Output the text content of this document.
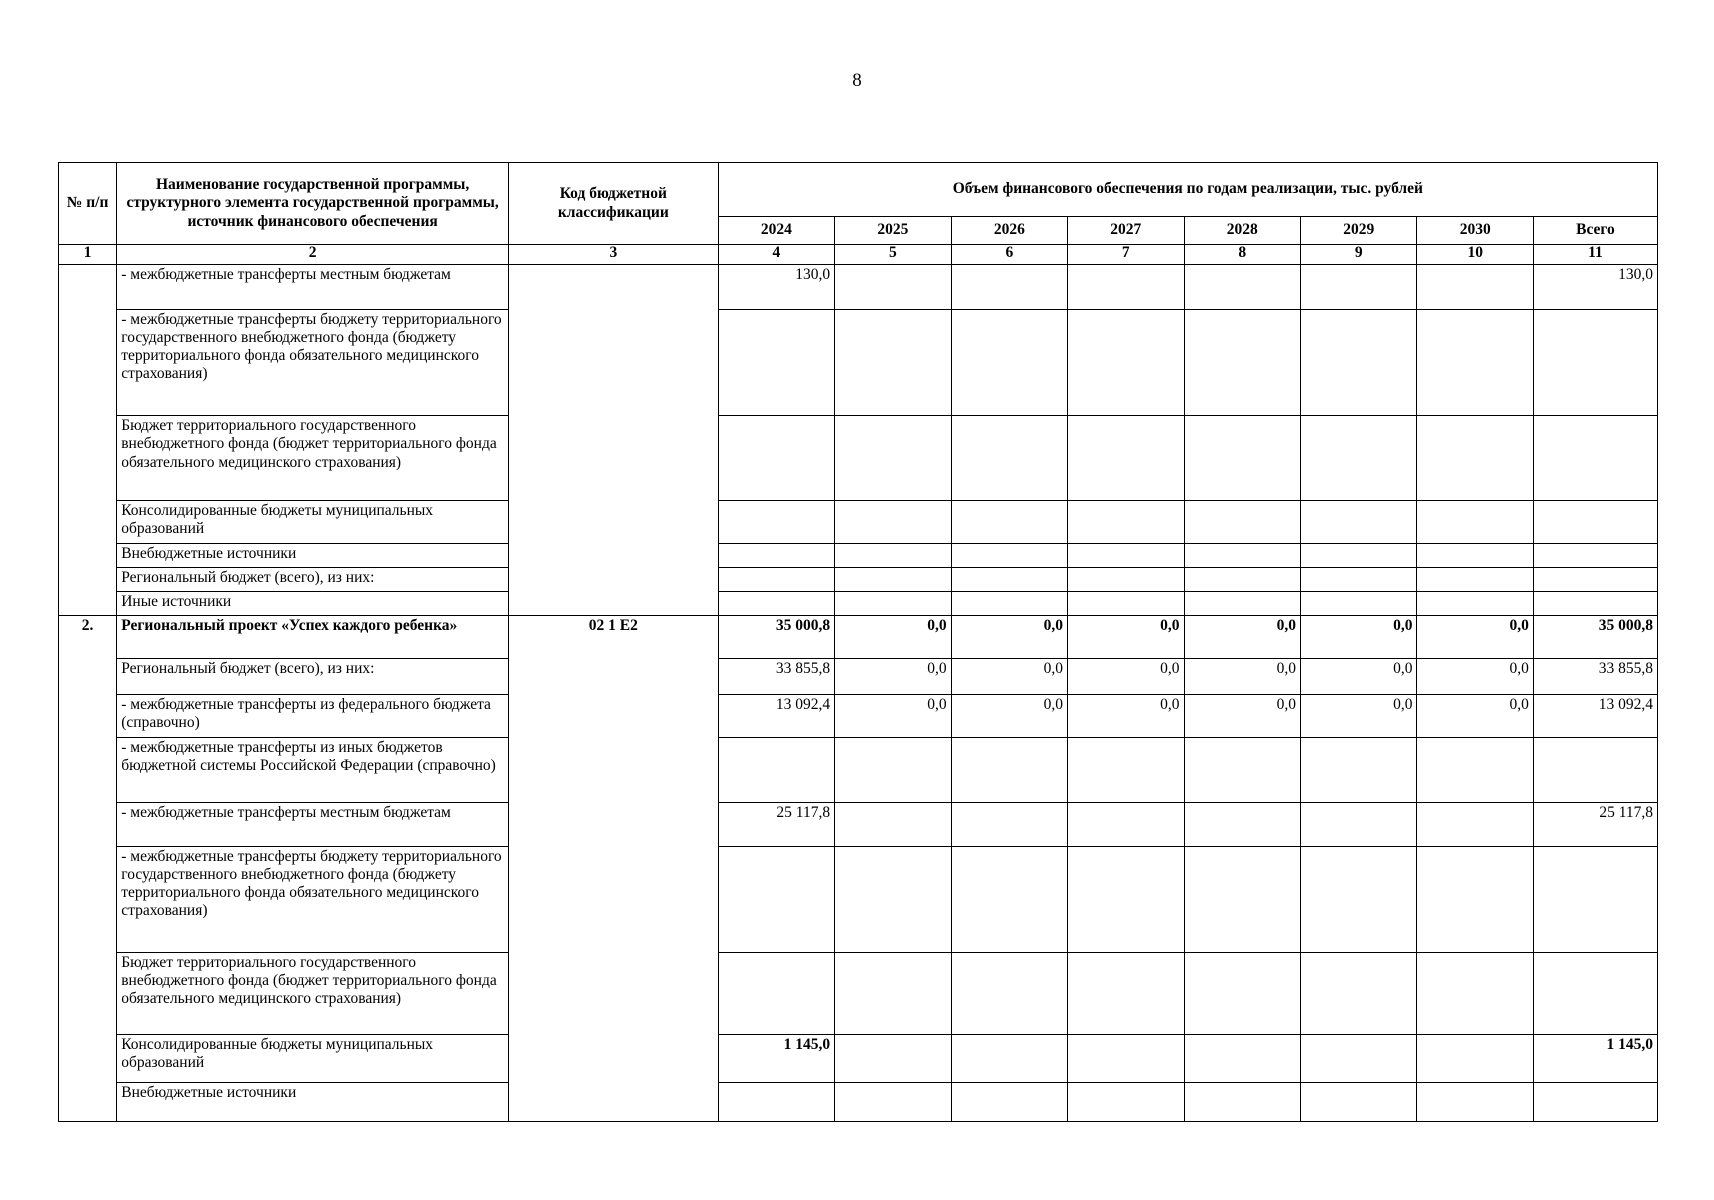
8
№ п/п	Наименование государственной программы, структурного элемента государственной программы, источник финансового обеспечения	Код бюджетной классификации	Объем финансового обеспечения по годам реализации, тыс. рублей							
			2024	2025	2026	2027	2028	2029	2030	Всего
1	2	3	4	5	6	7	8	9	10	11
	- межбюджетные трансферты местным бюджетам		130,0							130,0
	- межбюджетные трансферты бюджету территориального государственного внебюджетного фонда (бюджету территориального фонда обязательного медицинского страхования)									
	Бюджет территориального государственного внебюджетного фонда (бюджет территориального фонда обязательного медицинского страхования)									
	Консолидированные бюджеты муниципальных образований									
	Внебюджетные источники									
	Региональный бюджет (всего), из них:									
	Иные источники									
2.	Региональный проект «Успех каждого ребенка»	02 1 E2	35 000,8	0,0	0,0	0,0	0,0	0,0	0,0	35 000,8
	Региональный бюджет (всего), из них:		33 855,8	0,0	0,0	0,0	0,0	0,0	0,0	33 855,8
	- межбюджетные трансферты из федерального бюджета (справочно)		13 092,4	0,0	0,0	0,0	0,0	0,0	0,0	13 092,4
	- межбюджетные трансферты из иных бюджетов бюджетной системы Российской Федерации (справочно)									
	- межбюджетные трансферты местным бюджетам		25 117,8							25 117,8
	- межбюджетные трансферты бюджету территориального государственного внебюджетного фонда (бюджету территориального фонда обязательного медицинского страхования)									
	Бюджет территориального государственного внебюджетного фонда (бюджет территориального фонда обязательного медицинского страхования)									
	Консолидированные бюджеты муниципальных образований		1 145,0							1 145,0
	Внебюджетные источники									
